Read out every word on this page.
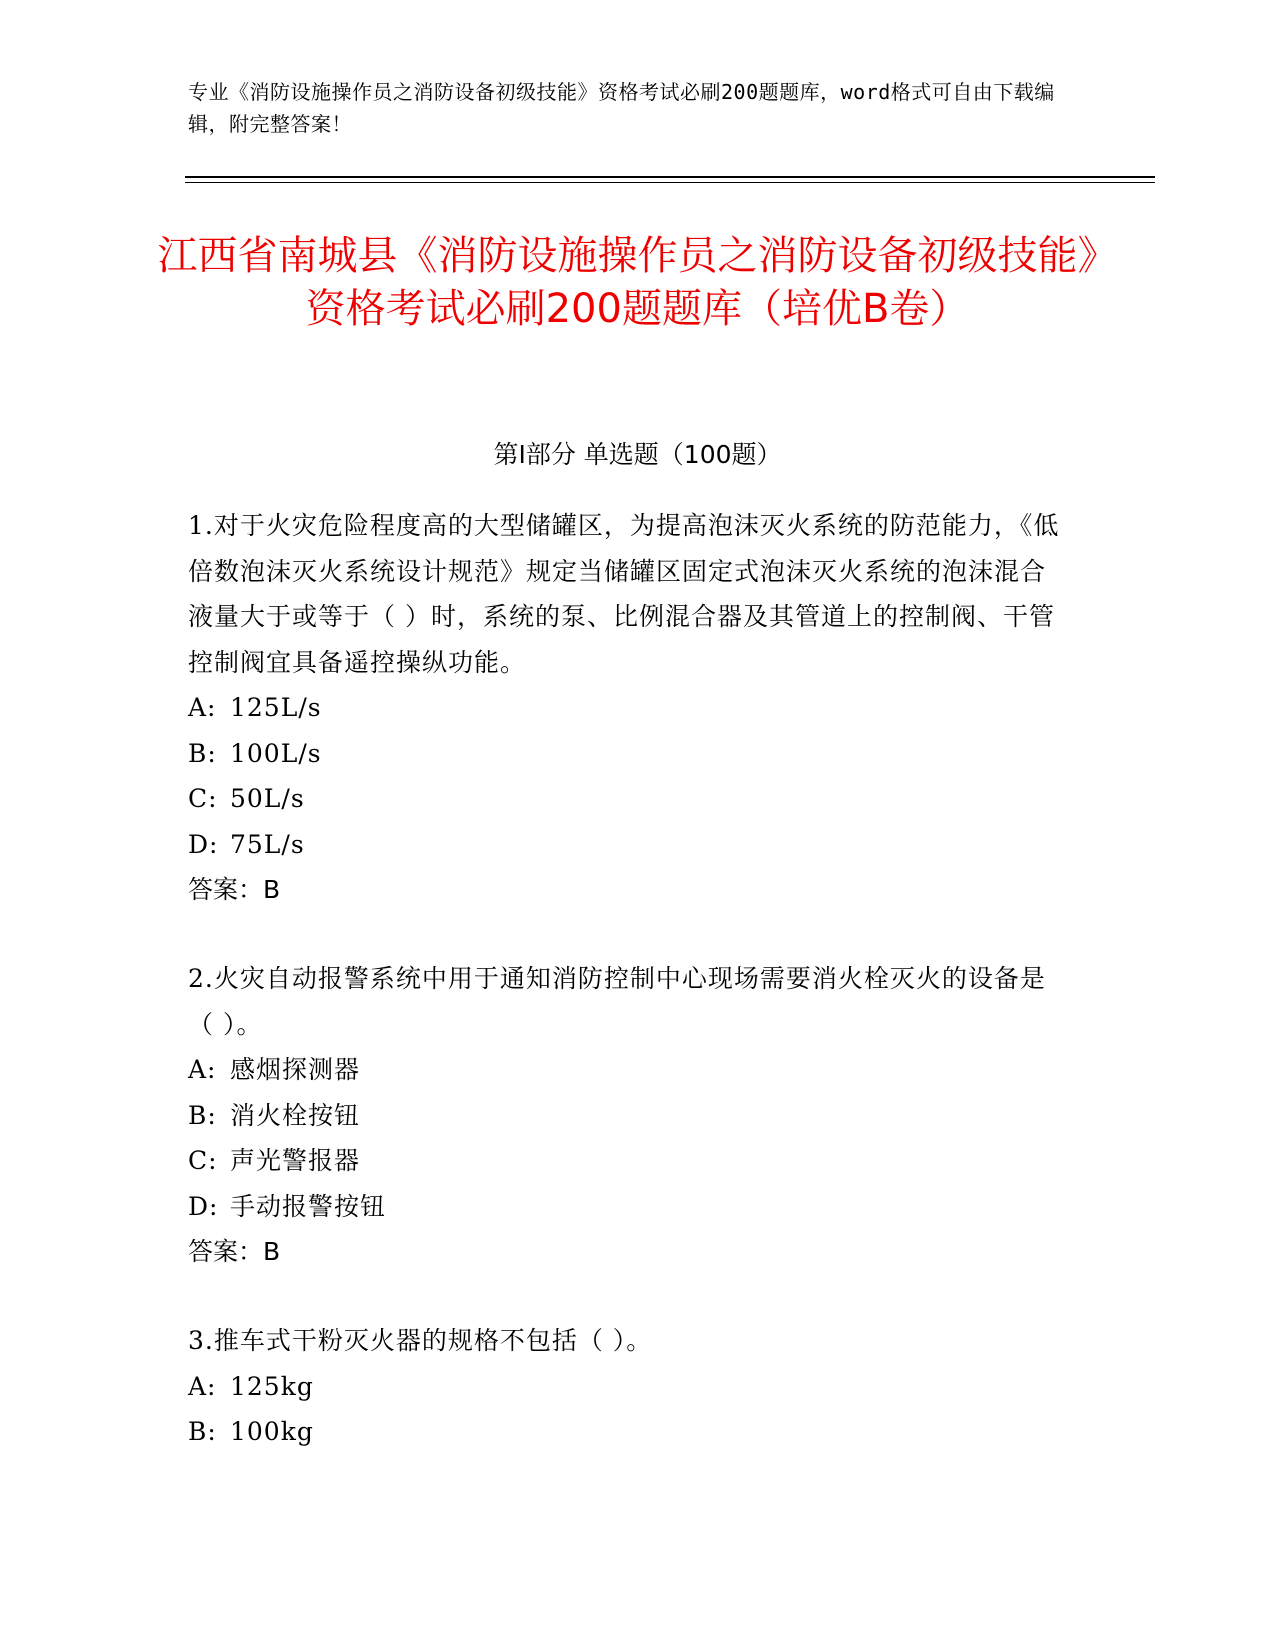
专业《消防设施操作员之消防设备初级技能》资格考试必刷200题题库，word格式可自由下载编辑，附完整答案！
江西省南城县《消防设施操作员之消防设备初级技能》资格考试必刷200题题库（培优B卷）
第I部分 单选题（100题）

1.对于火灾危险程度高的大型储罐区，为提高泡沫灭火系统的防范能力，《低倍数泡沫灭火系统设计规范》规定当储罐区固定式泡沫灭火系统的泡沫混合液量大于或等于（ ）时，系统的泵、比例混合器及其管道上的控制阀、干管控制阀宜具备遥控操纵功能。

A: 125L/s

B: 100L/s

C: 50L/s

D: 75L/s

答案：B

2.火灾自动报警系统中用于通知消防控制中心现场需要消火栓灭火的设备是（ ）。

A: 感烟探测器

B: 消火栓按钮

C: 声光警报器

D: 手动报警按钮

答案：B

3.推车式干粉灭火器的规格不包括（ ）。

A: 125kg

B: 100kg
